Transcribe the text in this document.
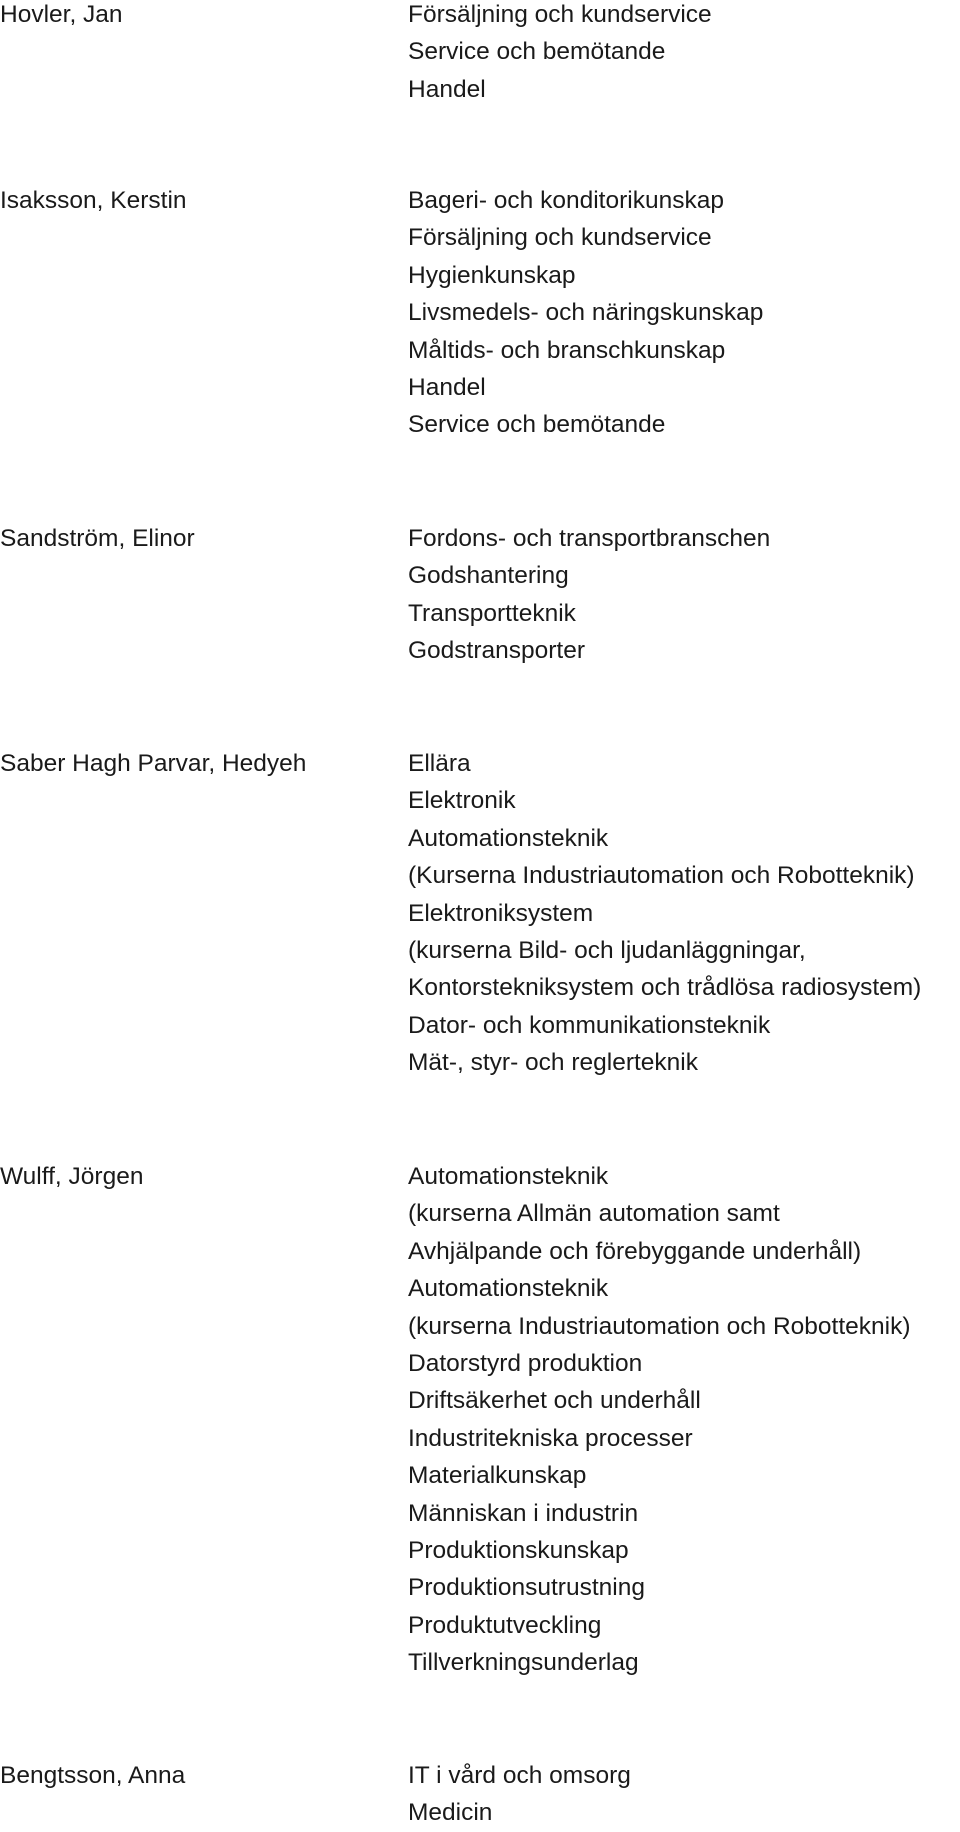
Hovler, Jan	Försäljning och kundservice
Service och bemötande
Handel
Isaksson, Kerstin	Bageri- och konditorikunskap
Försäljning och kundservice
Hygienkunskap
Livsmedels- och näringskunskap
Måltids- och branschkunskap
Handel
Service och bemötande
Sandström, Elinor	Fordons- och transportbranschen
Godshantering
Transportteknik
Godstransporter
Saber Hagh Parvar, Hedyeh	Ellära
Elektronik
Automationsteknik
(Kurserna Industriautomation och Robotteknik)
Elektroniksystem
(kurserna Bild- och ljudanläggningar,
Kontorstekniksystem och trådlösa radiosystem)
Dator- och kommunikationsteknik
Mät-, styr- och reglerteknik
Wulff, Jörgen	Automationsteknik
(kurserna Allmän automation samt
Avhjälpande och förebyggande underhåll)
Automationsteknik
(kurserna Industriautomation och Robotteknik)
Datorstyrd produktion
Driftsäkerhet och underhåll
Industritekniska processer
Materialkunskap
Människan i industrin
Produktionskunskap
Produktionsutrustning
Produktutveckling
Tillverkningsunderlag
Bengtsson, Anna	IT i vård och omsorg
Medicin
